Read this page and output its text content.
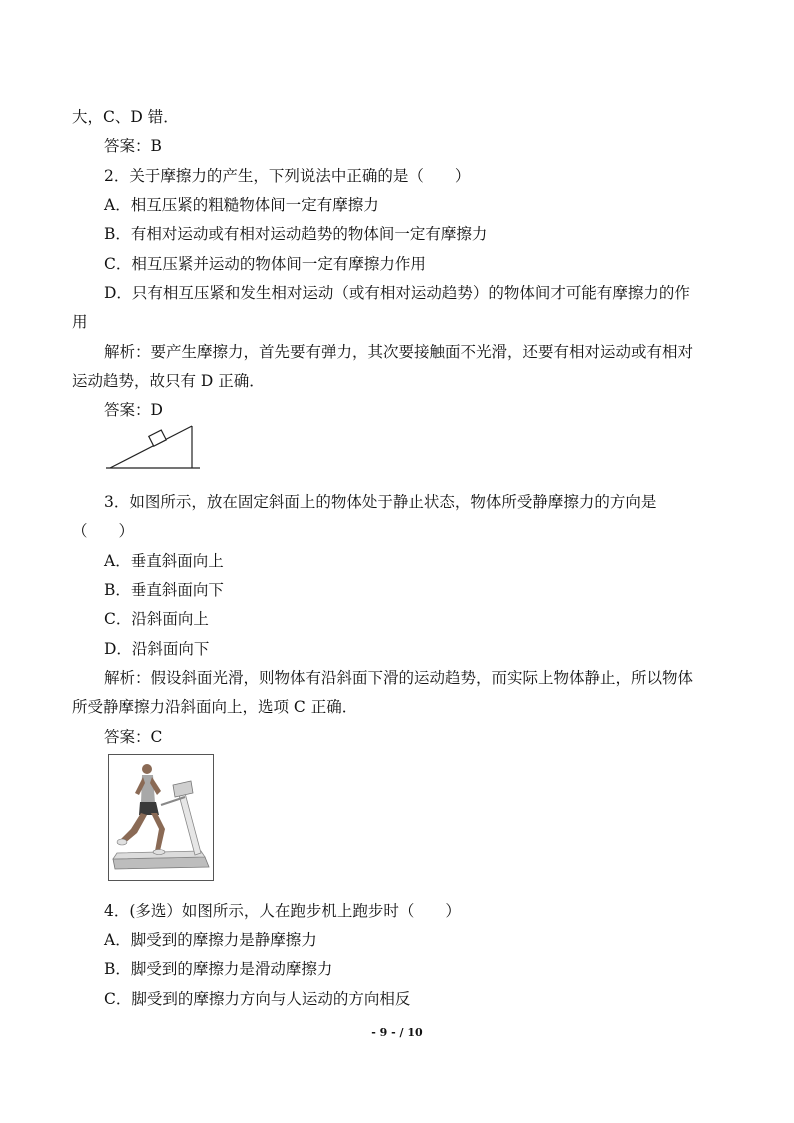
大，C、D 错．
答案：B
2．关于摩擦力的产生，下列说法中正确的是（　　）
A．相互压紧的粗糙物体间一定有摩擦力
B．有相对运动或有相对运动趋势的物体间一定有摩擦力
C．相互压紧并运动的物体间一定有摩擦力作用
D．只有相互压紧和发生相对运动（或有相对运动趋势）的物体间才可能有摩擦力的作
用
解析：要产生摩擦力，首先要有弹力，其次要接触面不光滑，还要有相对运动或有相对
运动趋势，故只有 D 正确．
答案：D
3．如图所示，放在固定斜面上的物体处于静止状态，物体所受静摩擦力的方向是
（　　）
A．垂直斜面向上
B．垂直斜面向下
C．沿斜面向上
D．沿斜面向下
解析：假设斜面光滑，则物体有沿斜面下滑的运动趋势，而实际上物体静止，所以物体
所受静摩擦力沿斜面向上，选项 C 正确．
答案：C
4．(多选）如图所示，人在跑步机上跑步时（　　）
A．脚受到的摩擦力是静摩擦力
B．脚受到的摩擦力是滑动摩擦力
C．脚受到的摩擦力方向与人运动的方向相反
- 9 - / 10
